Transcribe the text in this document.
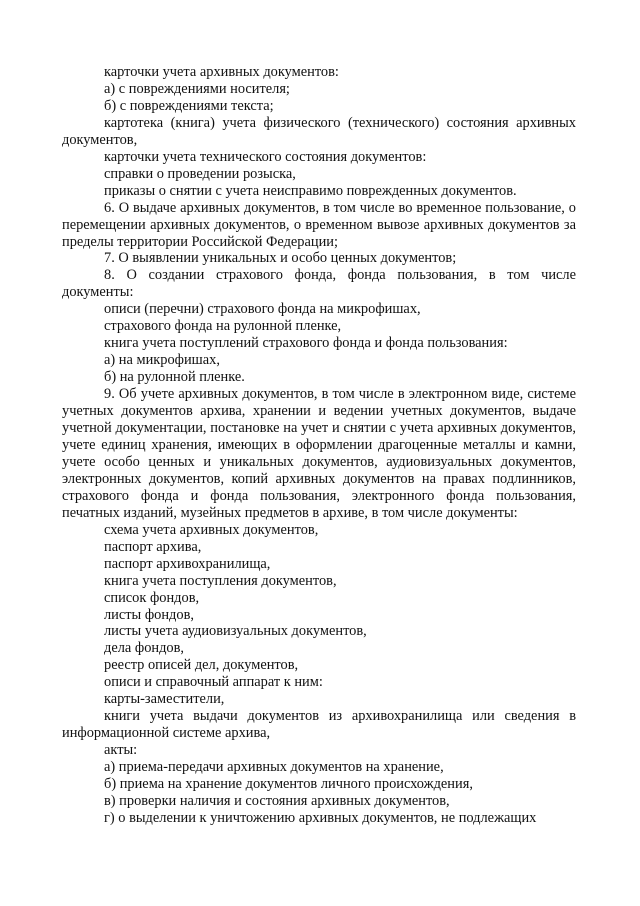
карточки учета архивных документов:

а) с повреждениями носителя;

б) с повреждениями текста;

картотека (книга) учета физического (технического) состояния архивных документов,

карточки учета технического состояния документов:

справки о проведении розыска,

приказы о снятии с учета неисправимо поврежденных документов.

6. О выдаче архивных документов, в том числе во временное пользование, о перемещении архивных документов, о временном вывозе архивных документов за пределы территории Российской Федерации;

7. О выявлении уникальных и особо ценных документов;

8. О создании страхового фонда, фонда пользования, в том числе документы:

описи (перечни) страхового фонда на микрофишах,

страхового фонда на рулонной пленке,

книга учета поступлений страхового фонда и фонда пользования:

а) на микрофишах,

б) на рулонной пленке.

9. Об учете архивных документов, в том числе в электронном виде, системе учетных документов архива, хранении и ведении учетных документов, выдаче учетной документации, постановке на учет и снятии с учета архивных документов, учете единиц хранения, имеющих в оформлении драгоценные металлы и камни, учете особо ценных и уникальных документов, аудиовизуальных документов, электронных документов, копий архивных документов на правах подлинников, страхового фонда и фонда пользования, электронного фонда пользования, печатных изданий, музейных предметов в архиве, в том числе документы:

схема учета архивных документов,

паспорт архива,

паспорт архивохранилища,

книга учета поступления документов,

список фондов,

листы фондов,

листы учета аудиовизуальных документов,

дела фондов,

реестр описей дел, документов,

описи и справочный аппарат к ним:

карты-заместители,

книги учета выдачи документов из архивохранилища или сведения в информационной системе архива,

акты:

а) приема-передачи архивных документов на хранение,

б) приема на хранение документов личного происхождения,

в) проверки наличия и состояния архивных документов,

г) о выделении к уничтожению архивных документов, не подлежащих
